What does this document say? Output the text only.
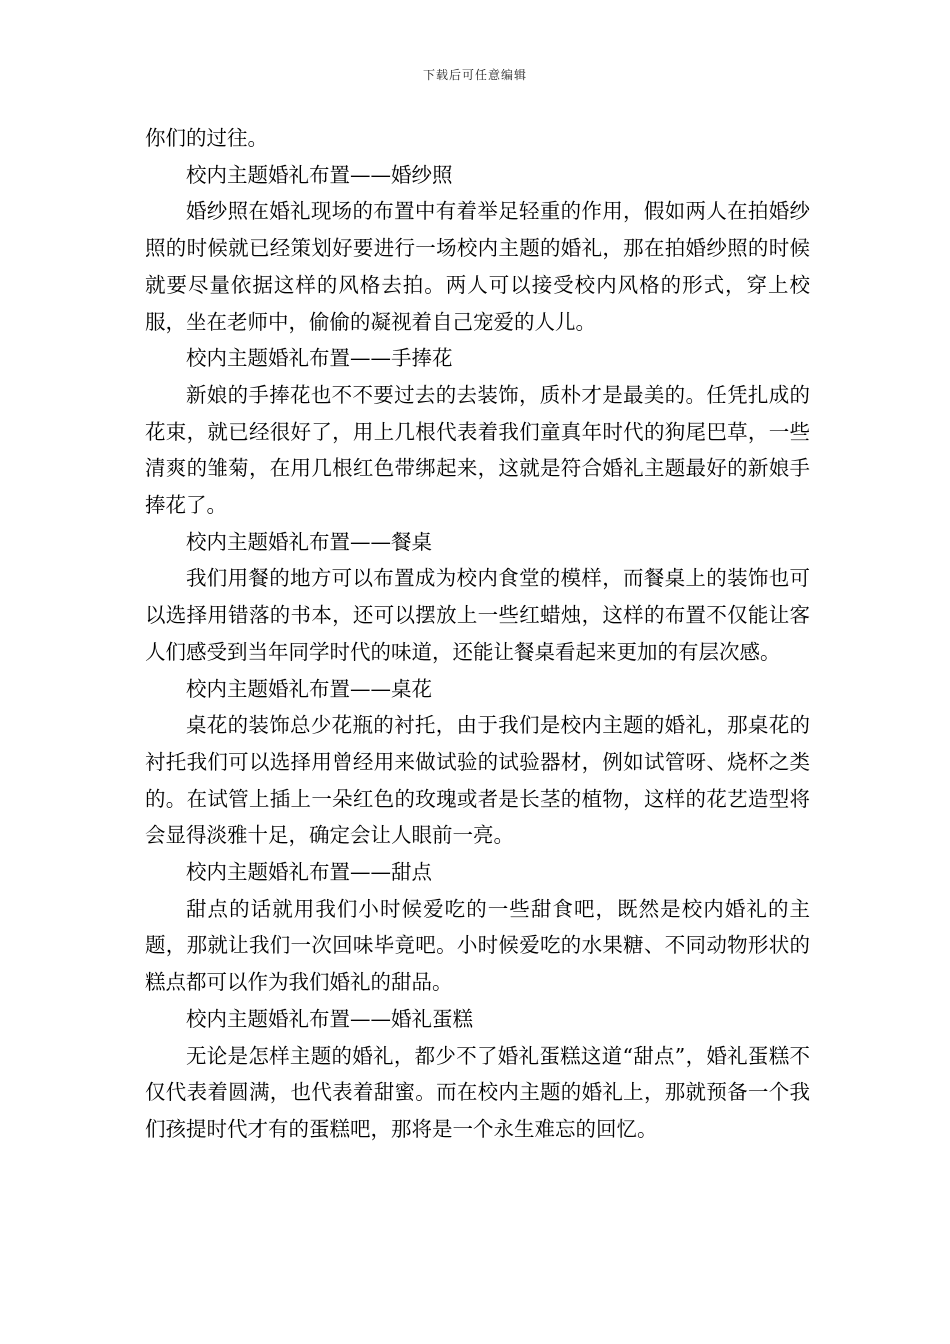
下载后可任意编辑

你们的过往。

校内主题婚礼布置——婚纱照

婚纱照在婚礼现场的布置中有着举足轻重的作用，假如两人在拍婚纱照的时候就已经策划好要进行一场校内主题的婚礼，那在拍婚纱照的时候就要尽量依据这样的风格去拍。两人可以接受校内风格的形式，穿上校服，坐在老师中，偷偷的凝视着自己宠爱的人儿。

校内主题婚礼布置——手捧花

新娘的手捧花也不不要过去的去装饰，质朴才是最美的。任凭扎成的花束，就已经很好了，用上几根代表着我们童真年时代的狗尾巴草，一些清爽的雏菊，在用几根红色带绑起来，这就是符合婚礼主题最好的新娘手捧花了。

校内主题婚礼布置——餐桌

我们用餐的地方可以布置成为校内食堂的模样，而餐桌上的装饰也可以选择用错落的书本，还可以摆放上一些红蜡烛，这样的布置不仅能让客人们感受到当年同学时代的味道，还能让餐桌看起来更加的有层次感。

校内主题婚礼布置——桌花

桌花的装饰总少花瓶的衬托，由于我们是校内主题的婚礼，那桌花的衬托我们可以选择用曾经用来做试验的试验器材，例如试管呀、烧杯之类的。在试管上插上一朵红色的玫瑰或者是长茎的植物，这样的花艺造型将会显得淡雅十足，确定会让人眼前一亮。

校内主题婚礼布置——甜点

甜点的话就用我们小时候爱吃的一些甜食吧，既然是校内婚礼的主题，那就让我们一次回味毕竟吧。小时候爱吃的水果糖、不同动物形状的糕点都可以作为我们婚礼的甜品。

校内主题婚礼布置——婚礼蛋糕

无论是怎样主题的婚礼，都少不了婚礼蛋糕这道“甜点”，婚礼蛋糕不仅代表着圆满，也代表着甜蜜。而在校内主题的婚礼上，那就预备一个我们孩提时代才有的蛋糕吧，那将是一个永生难忘的回忆。
